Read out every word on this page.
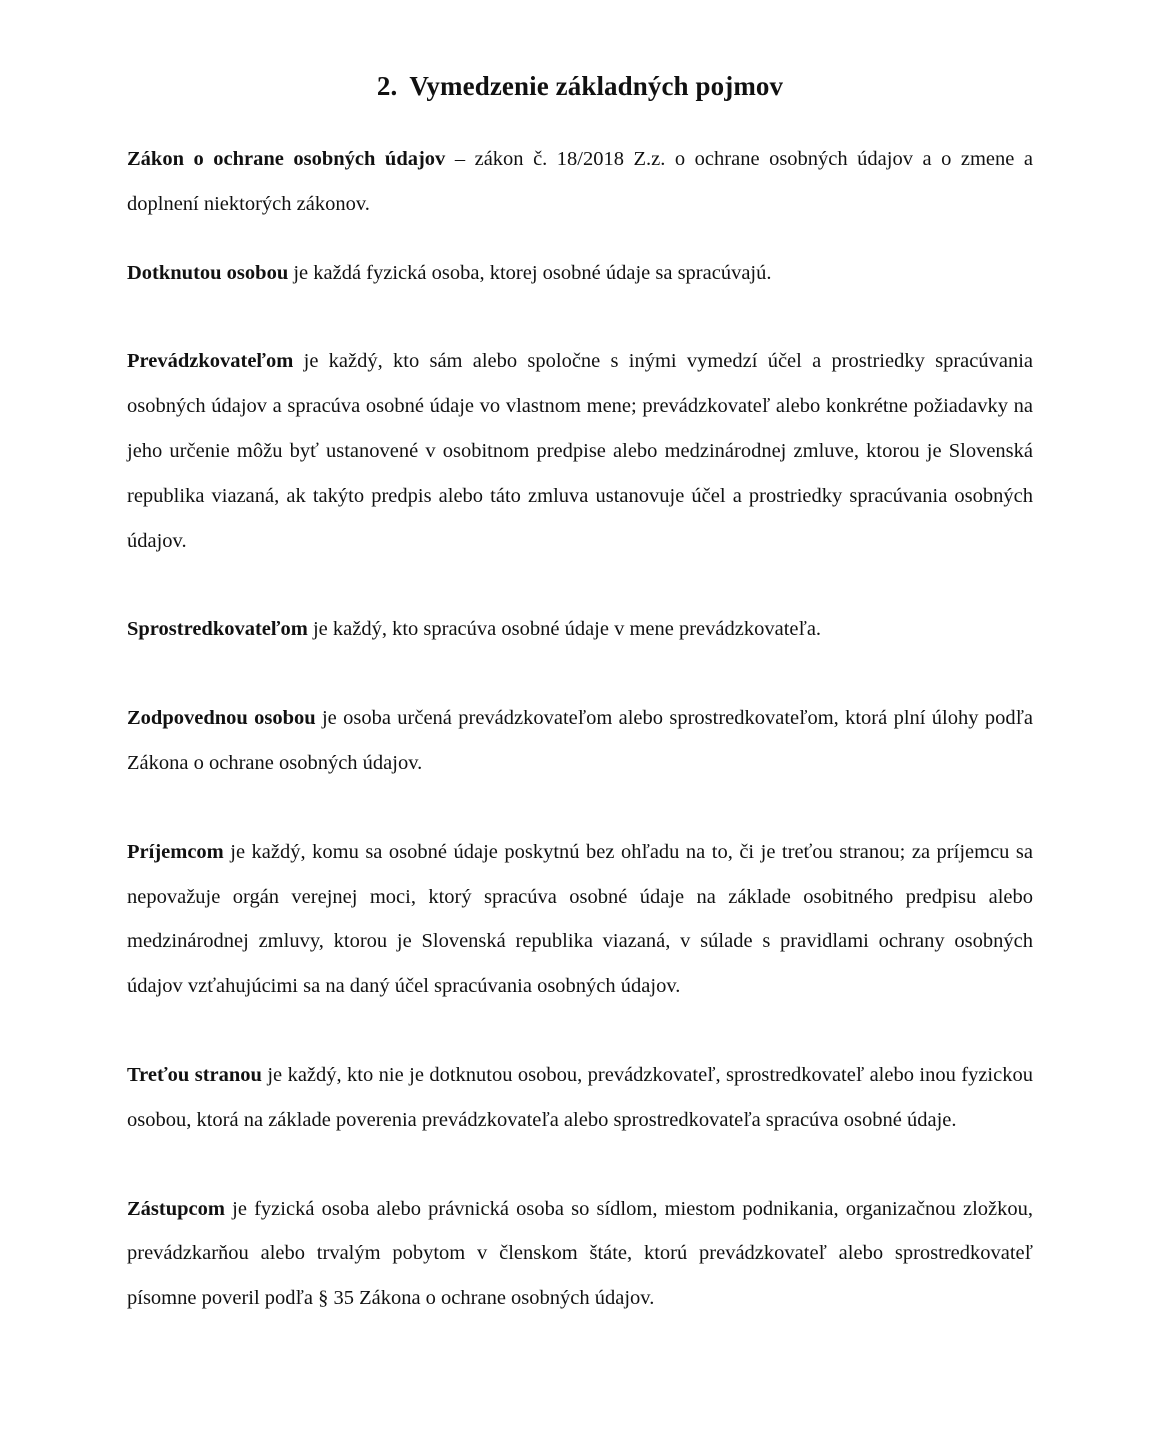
2. Vymedzenie základných pojmov

Zákon o ochrane osobných údajov – zákon č. 18/2018 Z.z. o ochrane osobných údajov a o zmene a doplnení niektorých zákonov.

Dotknutou osobou je každá fyzická osoba, ktorej osobné údaje sa spracúvajú.

Prevádzkovateľom je každý, kto sám alebo spoločne s inými vymedzí účel a prostriedky spracúvania osobných údajov a spracúva osobné údaje vo vlastnom mene; prevádzkovateľ alebo konkrétne požiadavky na jeho určenie môžu byť ustanovené v osobitnom predpise alebo medzinárodnej zmluve, ktorou je Slovenská republika viazaná, ak takýto predpis alebo táto zmluva ustanovuje účel a prostriedky spracúvania osobných údajov.

Sprostredkovateľom je každý, kto spracúva osobné údaje v mene prevádzkovateľa.

Zodpovednou osobou je osoba určená prevádzkovateľom alebo sprostredkovateľom, ktorá plní úlohy podľa Zákona o ochrane osobných údajov.

Príjemcom je každý, komu sa osobné údaje poskytnú bez ohľadu na to, či je treťou stranou; za príjemcu sa nepovažuje orgán verejnej moci, ktorý spracúva osobné údaje na základe osobitného predpisu alebo medzinárodnej zmluvy, ktorou je Slovenská republika viazaná, v súlade s pravidlami ochrany osobných údajov vzťahujúcimi sa na daný účel spracúvania osobných údajov.

Treťou stranou je každý, kto nie je dotknutou osobou, prevádzkovateľ, sprostredkovateľ alebo inou fyzickou osobou, ktorá na základe poverenia prevádzkovateľa alebo sprostredkovateľa spracúva osobné údaje.

Zástupcom je fyzická osoba alebo právnická osoba so sídlom, miestom podnikania, organizačnou zložkou, prevádzkarňou alebo trvalým pobytom v členskom štáte, ktorú prevádzkovateľ alebo sprostredkovateľ písomne poveril podľa § 35 Zákona o ochrane osobných údajov.
